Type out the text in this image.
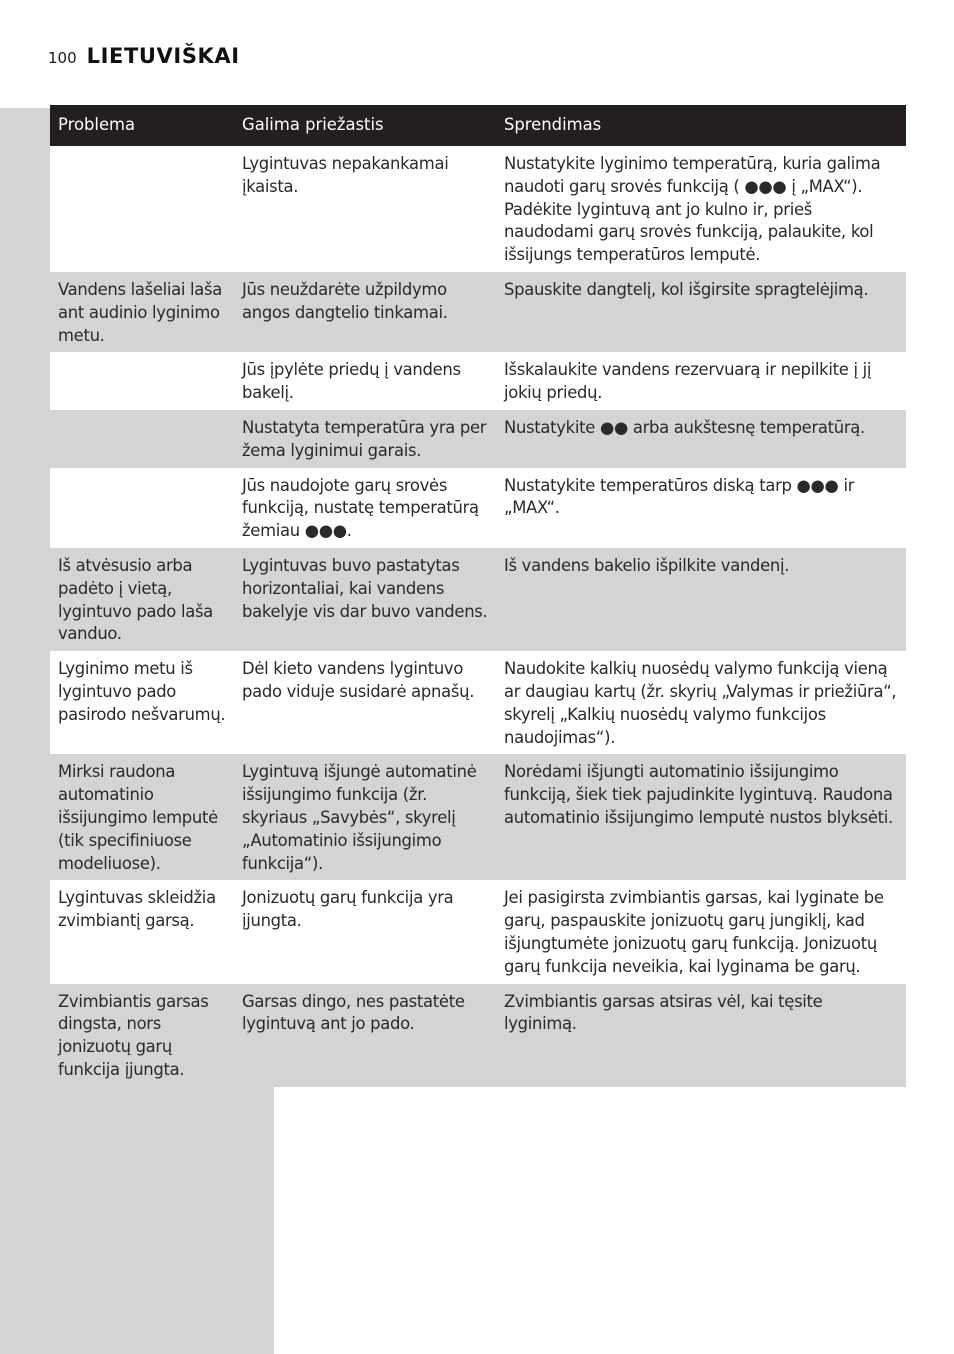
100 LIETUVIŠKAI
Problema	Galima priežastis	Sprendimas
	Lygintuvas nepakankamai įkaista.	Nustatykite lyginimo temperatūrą, kuria galima naudoti garų srovės funkciją ( ●●● į „MAX“). Padėkite lygintuvą ant jo kulno ir, prieš naudodami garų srovės funkciją, palaukite, kol išsijungs temperatūros lemputė.
Vandens lašeliai laša ant audinio lyginimo metu.	Jūs neuždarėte užpildymo angos dangtelio tinkamai.	Spauskite dangtelį, kol išgirsite spragtelėjimą.
	Jūs įpylėte priedų į vandens bakelį.	Išskalaukite vandens rezervuarą ir nepilkite į jį jokių priedų.
	Nustatyta temperatūra yra per žema lyginimui garais.	Nustatykite ●● arba aukštesnę temperatūrą.
	Jūs naudojote garų srovės funkciją, nustatę temperatūrą žemiau ●●●.	Nustatykite temperatūros diską tarp ●●● ir „MAX“.
Iš atvėsusio arba padėto į vietą, lygintuvo pado laša vanduo.	Lygintuvas buvo pastatytas horizontaliai, kai vandens bakelyje vis dar buvo vandens.	Iš vandens bakelio išpilkite vandenį.
Lyginimo metu iš lygintuvo pado pasirodo nešvarumų.	Dėl kieto vandens lygintuvo pado viduje susidarė apnašų.	Naudokite kalkių nuosėdų valymo funkciją vieną ar daugiau kartų (žr. skyrių „Valymas ir priežiūra“, skyrelį „Kalkių nuosėdų valymo funkcijos naudojimas“).
Mirksi raudona automatinio išsijungimo lemputė (tik specifiniuose modeliuose).	Lygintuvą išjungė automatinė išsijungimo funkcija (žr. skyriaus „Savybės“, skyrelį „Automatinio išsijungimo funkcija“).	Norėdami išjungti automatinio išsijungimo funkciją, šiek tiek pajudinkite lygintuvą. Raudona automatinio išsijungimo lemputė nustos blyksėti.
Lygintuvas skleidžia zvimbiantį garsą.	Jonizuotų garų funkcija yra įjungta.	Jei pasigirsta zvimbiantis garsas, kai lyginate be garų, paspauskite jonizuotų garų jungiklį, kad išjungtumėte jonizuotų garų funkciją. Jonizuotų garų funkcija neveikia, kai lyginama be garų.
Zvimbiantis garsas dingsta, nors jonizuotų garų funkcija įjungta.	Garsas dingo, nes pastatėte lygintuvą ant jo pado.	Zvimbiantis garsas atsiras vėl, kai tęsite lyginimą.
